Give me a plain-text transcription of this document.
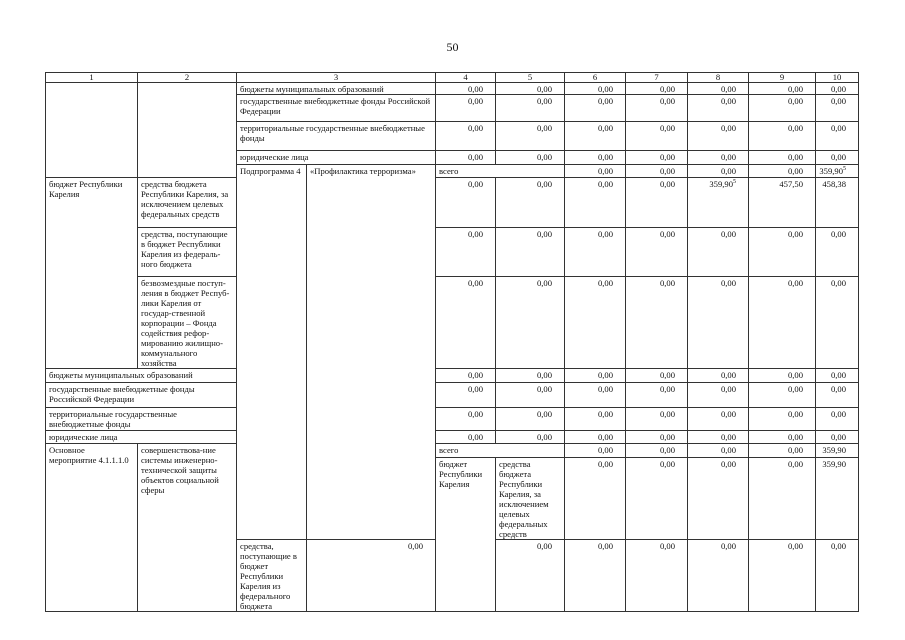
50
1	2	3		4	5	6	7	8	9	10	
		бюджеты муниципальных образований		0,00	0,00	0,00	0,00	0,00	0,00	0,00	
		государственные внебюджетные фонды Российской Федерации		0,00	0,00	0,00	0,00	0,00	0,00	0,00	
		территориальные государственные внебюджетные фонды		0,00	0,00	0,00	0,00	0,00	0,00	0,00	
		юридические лица		0,00	0,00	0,00	0,00	0,00	0,00	0,00	
		Подпрограмма 4	«Профилактика терроризма»	всего		0,00	0,00	0,00	0,00	359,90$^5$		
бюджет Республики Карелия	средства бюджета Республики Карелия, за исключением целевых федеральных средств			0,00	0,00	0,00	0,00	359,90$^5$	457,50	458,38	
	средства, поступающие в бюджет Республики Карелия из федераль-ного бюджета			0,00	0,00	0,00	0,00	0,00	0,00	0,00	
	безвозмездные поступ-ления в бюджет Респуб-лики Карелия от государ-ственной корпорации – Фонда содействия рефор-мированию жилищно-коммунального хозяйства			0,00	0,00	0,00	0,00	0,00	0,00	0,00	
бюджеты муниципальных образований				0,00	0,00	0,00	0,00	0,00	0,00	0,00	
государственные внебюджетные фонды Российской Федерации				0,00	0,00	0,00	0,00	0,00	0,00	0,00	
территориальные государственные внебюджетные фонды				0,00	0,00	0,00	0,00	0,00	0,00	0,00	
юридические лица				0,00	0,00	0,00	0,00	0,00	0,00	0,00	
Основное мероприятие 4.1.1.1.0	совершенствова-ние системы инженерно-технической защиты объектов социальной сферы			всего		0,00	0,00	0,00	0,00	359,90		
				бюджет Республики Карелия	средства бюджета Республики Карелия, за исключением целевых федеральных средств	0,00	0,00	0,00	0,00	359,90		
		средства, поступающие в бюджет Республики Карелия из федерального бюджета	0,00		0,00	0,00	0,00	0,00	0,00	0,00	
